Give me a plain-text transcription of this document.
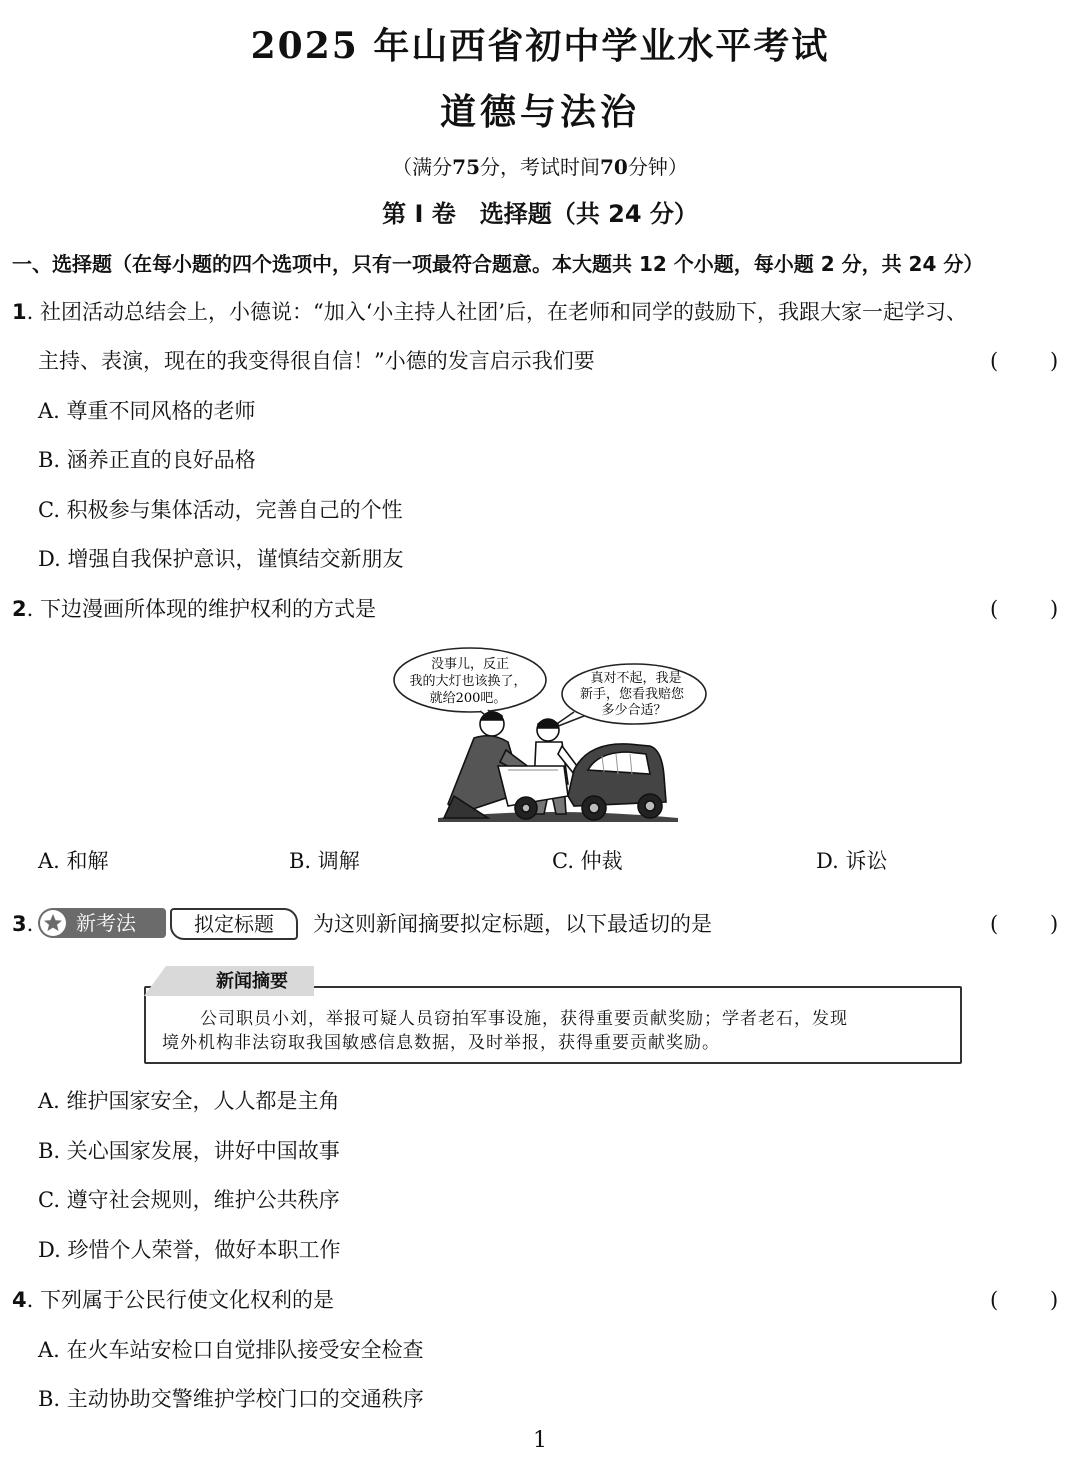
2025 年山西省初中学业水平考试
道德与法治
（满分75分，考试时间70分钟）
第 I 卷　选择题（共 24 分）
一、选择题（在每小题的四个选项中，只有一项最符合题意。本大题共 12 个小题，每小题 2 分，共 24 分）
1. 社团活动总结会上，小德说：“加入‘小主持人社团’后，在老师和同学的鼓励下，我跟大家一起学习、
主持、表演，现在的我变得很自信！”小德的发言启示我们要	( )
A. 尊重不同风格的老师
B. 涵养正直的良好品格
C. 积极参与集体活动，完善自己的个性
D. 增强自我保护意识，谨慎结交新朋友
2. 下边漫画所体现的维护权利的方式是	( )
没事儿，反正
我的大灯也该换了，
就给200吧。
真对不起，我是
新手，您看我赔您
多少合适？
A. 和解	B. 调解	C. 仲裁	D. 诉讼
3. 新考法	拟定标题	为这则新闻摘要拟定标题，以下最适切的是	( )
新闻摘要
公司职员小刘，举报可疑人员窃拍军事设施，获得重要贡献奖励；学者老石，发现
境外机构非法窃取我国敏感信息数据，及时举报，获得重要贡献奖励。
A. 维护国家安全，人人都是主角
B. 关心国家发展，讲好中国故事
C. 遵守社会规则，维护公共秩序
D. 珍惜个人荣誉，做好本职工作
4. 下列属于公民行使文化权利的是	( )
A. 在火车站安检口自觉排队接受安全检查
B. 主动协助交警维护学校门口的交通秩序
1
